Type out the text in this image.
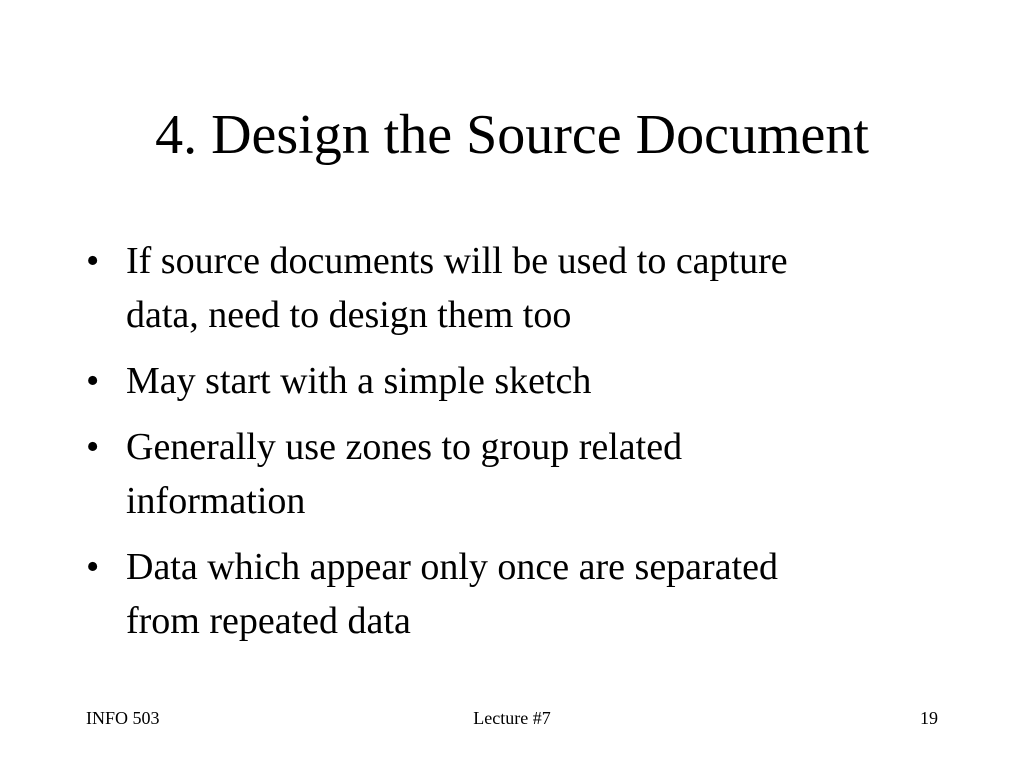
4. Design the Source Document
• If source documents will be used to capture data, need to design them too
• May start with a simple sketch
• Generally use zones to group related information
• Data which appear only once are separated from repeated data
INFO 503	Lecture #7	19
